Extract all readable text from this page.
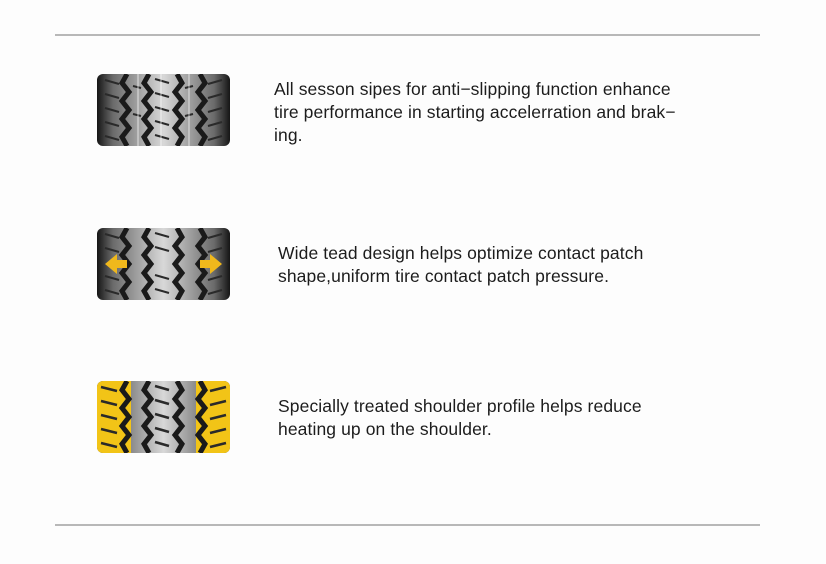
All sesson sipes for anti−slipping function enhance
tire performance in starting accelerration and brak−
ing.

Wide tead design helps optimize contact patch
shape,uniform tire contact patch pressure.

Specially treated shoulder profile helps reduce
heating up on the shoulder.
